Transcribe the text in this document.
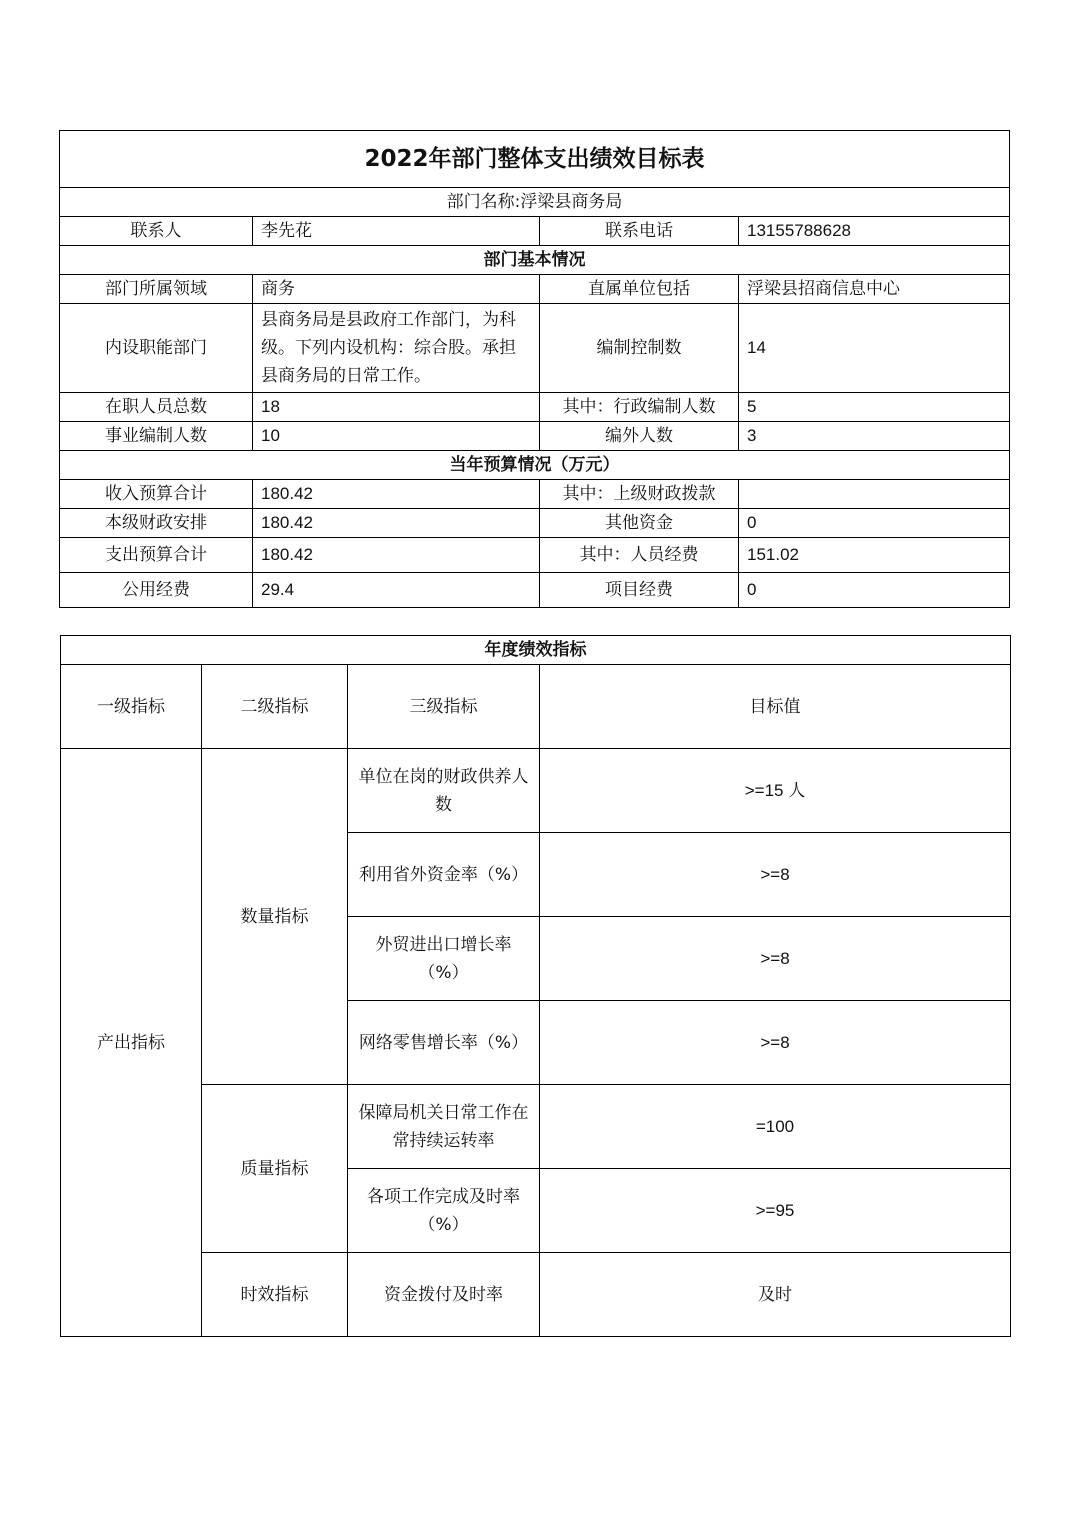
2022年部门整体支出绩效目标表			
部门名称:浮梁县商务局			
联系人	李先花	联系电话	13155788628
部门基本情况			
部门所属领域	商务	直属单位包括	浮梁县招商信息中心
内设职能部门	县商务局是县政府工作部门，为科级。下列内设机构：综合股。承担县商务局的日常工作。	编制控制数	14
在职人员总数	18	其中：行政编制人数	5
事业编制人数	10	编外人数	3
当年预算情况（万元）			
收入预算合计	180.42	其中：上级财政拨款	
本级财政安排	180.42	其他资金	0
支出预算合计	180.42	其中：人员经费	151.02
公用经费	29.4	项目经费	0
年度绩效指标			
一级指标	二级指标	三级指标	目标值
产出指标	数量指标	单位在岗的财政供养人数	>=15 人
		利用省外资金率（%）	>=8
		外贸进出口增长率（%）	>=8
		网络零售增长率（%）	>=8
	质量指标	保障局机关日常工作在常持续运转率	=100
		各项工作完成及时率（%）	>=95
	时效指标	资金拨付及时率	及时
